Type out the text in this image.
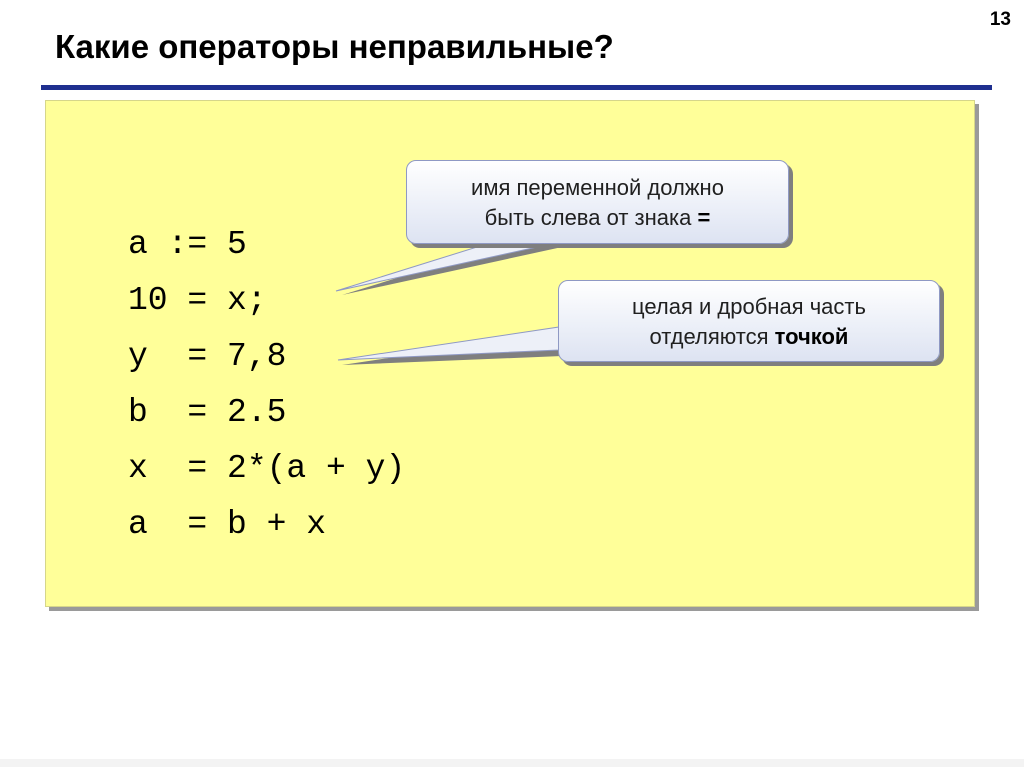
13
Какие операторы неправильные?
a := 5
10 = x;
y  = 7,8
b  = 2.5
x  = 2*(a + y)
a  = b + x
имя переменной должно
быть слева от знака =
целая и дробная часть
отделяются точкой
